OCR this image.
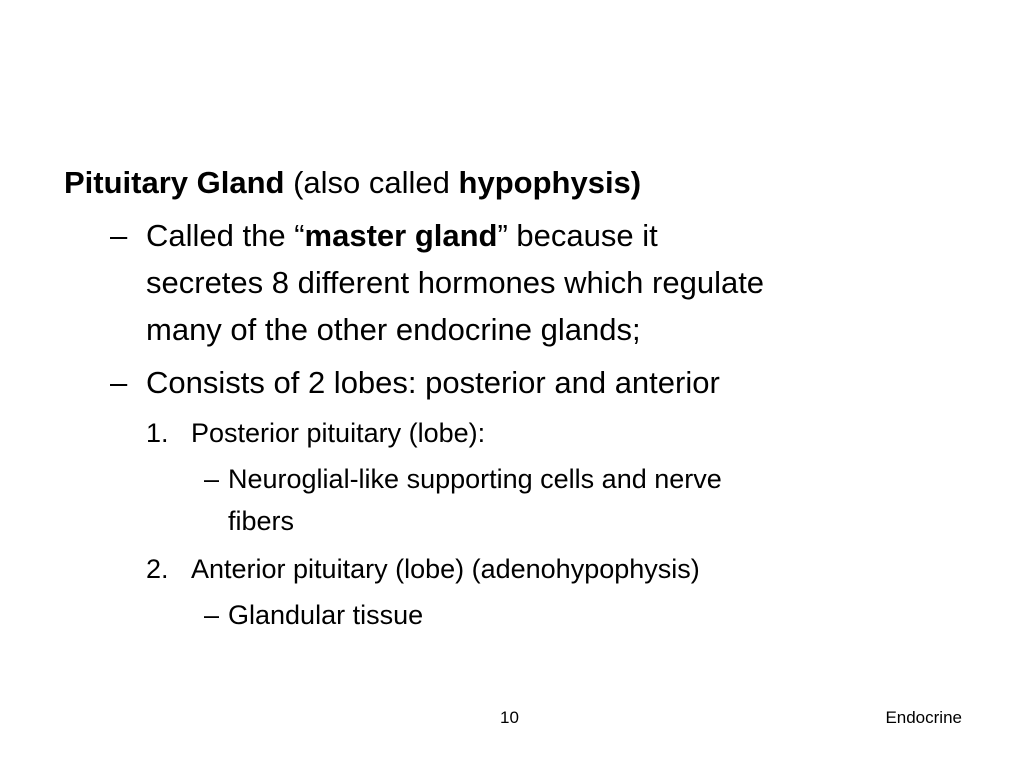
Pituitary Gland (also called hypophysis)

– Called the “master gland” because it
secretes 8 different hormones which regulate
many of the other endocrine glands;
– Consists of 2 lobes: posterior and anterior
1. Posterior pituitary (lobe):
– Neuroglial-like supporting cells and nerve
fibers
2. Anterior pituitary (lobe) (adenohypophysis)
– Glandular tissue
10	Endocrine
